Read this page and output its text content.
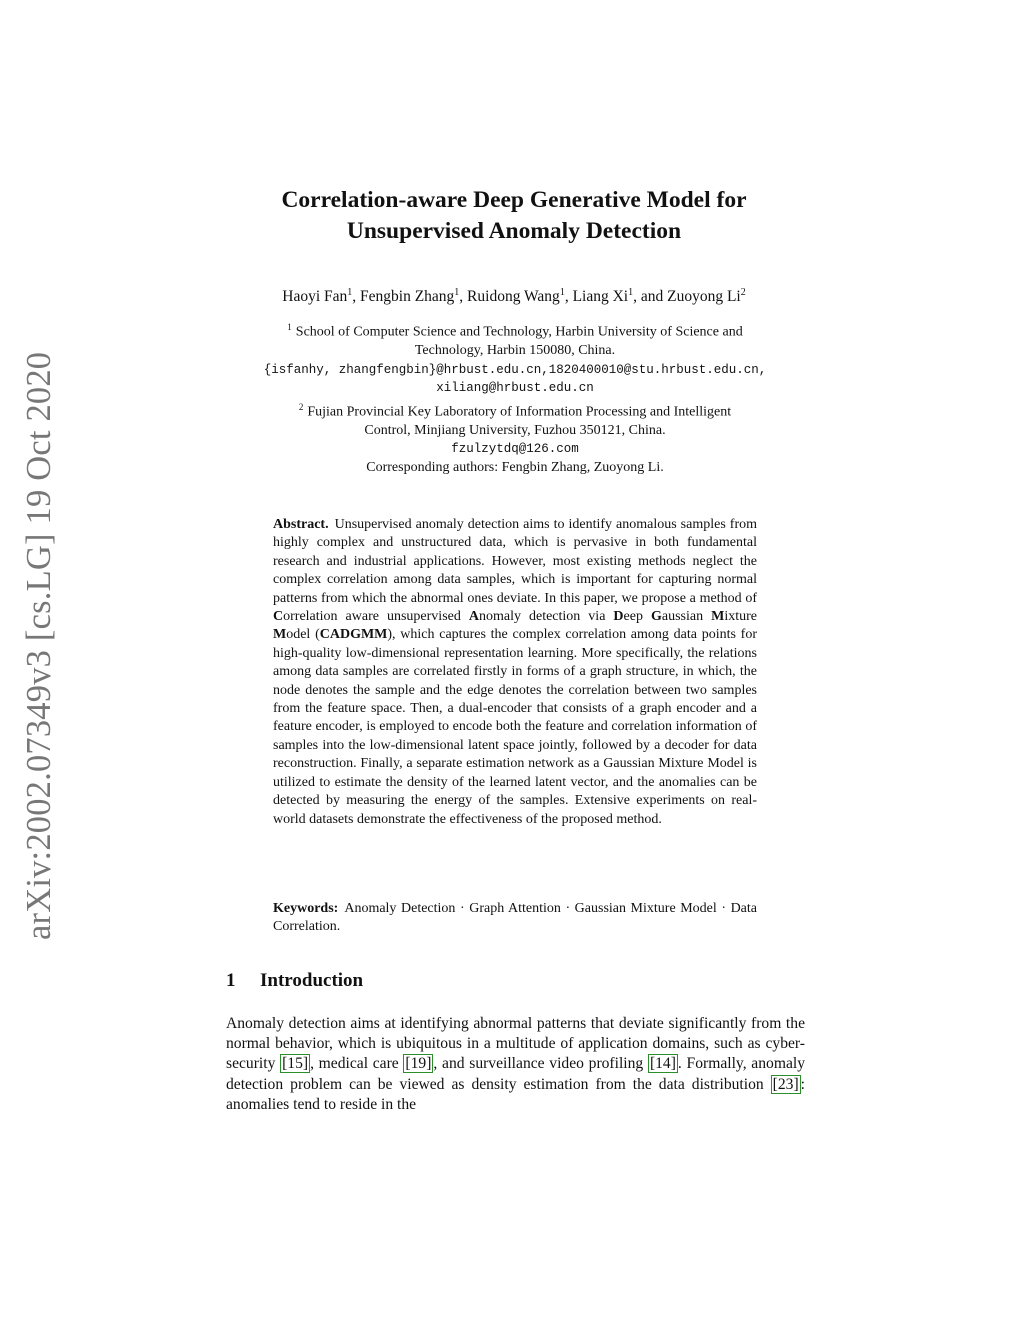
arXiv:2002.07349v3 [cs.LG] 19 Oct 2020
Correlation-aware Deep Generative Model for
Unsupervised Anomaly Detection
Haoyi Fan$^1$, Fengbin Zhang$^1$, Ruidong Wang$^1$, Liang Xi$^1$, and Zuoyong Li$^2$
$^1$ School of Computer Science and Technology, Harbin University of Science and
Technology, Harbin 150080, China.
{isfanhy, zhangfengbin}@hrbust.edu.cn,1820400010@stu.hrbust.edu.cn,
xiliang@hrbust.edu.cn
$^2$ Fujian Provincial Key Laboratory of Information Processing and Intelligent
Control, Minjiang University, Fuzhou 350121, China.
fzulzytdq@126.com
Corresponding authors: Fengbin Zhang, Zuoyong Li.
Abstract. Unsupervised anomaly detection aims to identify anomalous samples from highly complex and unstructured data, which is pervasive in both fundamental research and industrial applications. However, most existing methods neglect the complex correlation among data samples, which is important for capturing normal patterns from which the abnormal ones deviate. In this paper, we propose a method of Correlation aware unsupervised Anomaly detection via Deep Gaussian Mixture Model (CADGMM), which captures the complex correlation among data points for high-quality low-dimensional representation learning. More specifically, the relations among data samples are correlated firstly in forms of a graph structure, in which, the node denotes the sample and the edge denotes the correlation between two samples from the feature space. Then, a dual-encoder that consists of a graph encoder and a feature encoder, is employed to encode both the feature and correlation information of samples into the low-dimensional latent space jointly, followed by a decoder for data reconstruction. Finally, a separate estimation network as a Gaussian Mixture Model is utilized to estimate the density of the learned latent vector, and the anomalies can be detected by measuring the energy of the samples. Extensive experiments on real-world datasets demonstrate the effectiveness of the proposed method.
Keywords: Anomaly Detection · Graph Attention · Gaussian Mixture Model · Data Correlation.
1 Introduction
Anomaly detection aims at identifying abnormal patterns that deviate significantly from the normal behavior, which is ubiquitous in a multitude of application domains, such as cyber-security [15] , medical care [19] , and surveillance video profiling [14] . Formally, anomaly detection problem can be viewed as density estimation from the data distribution [23] : anomalies tend to reside in the
